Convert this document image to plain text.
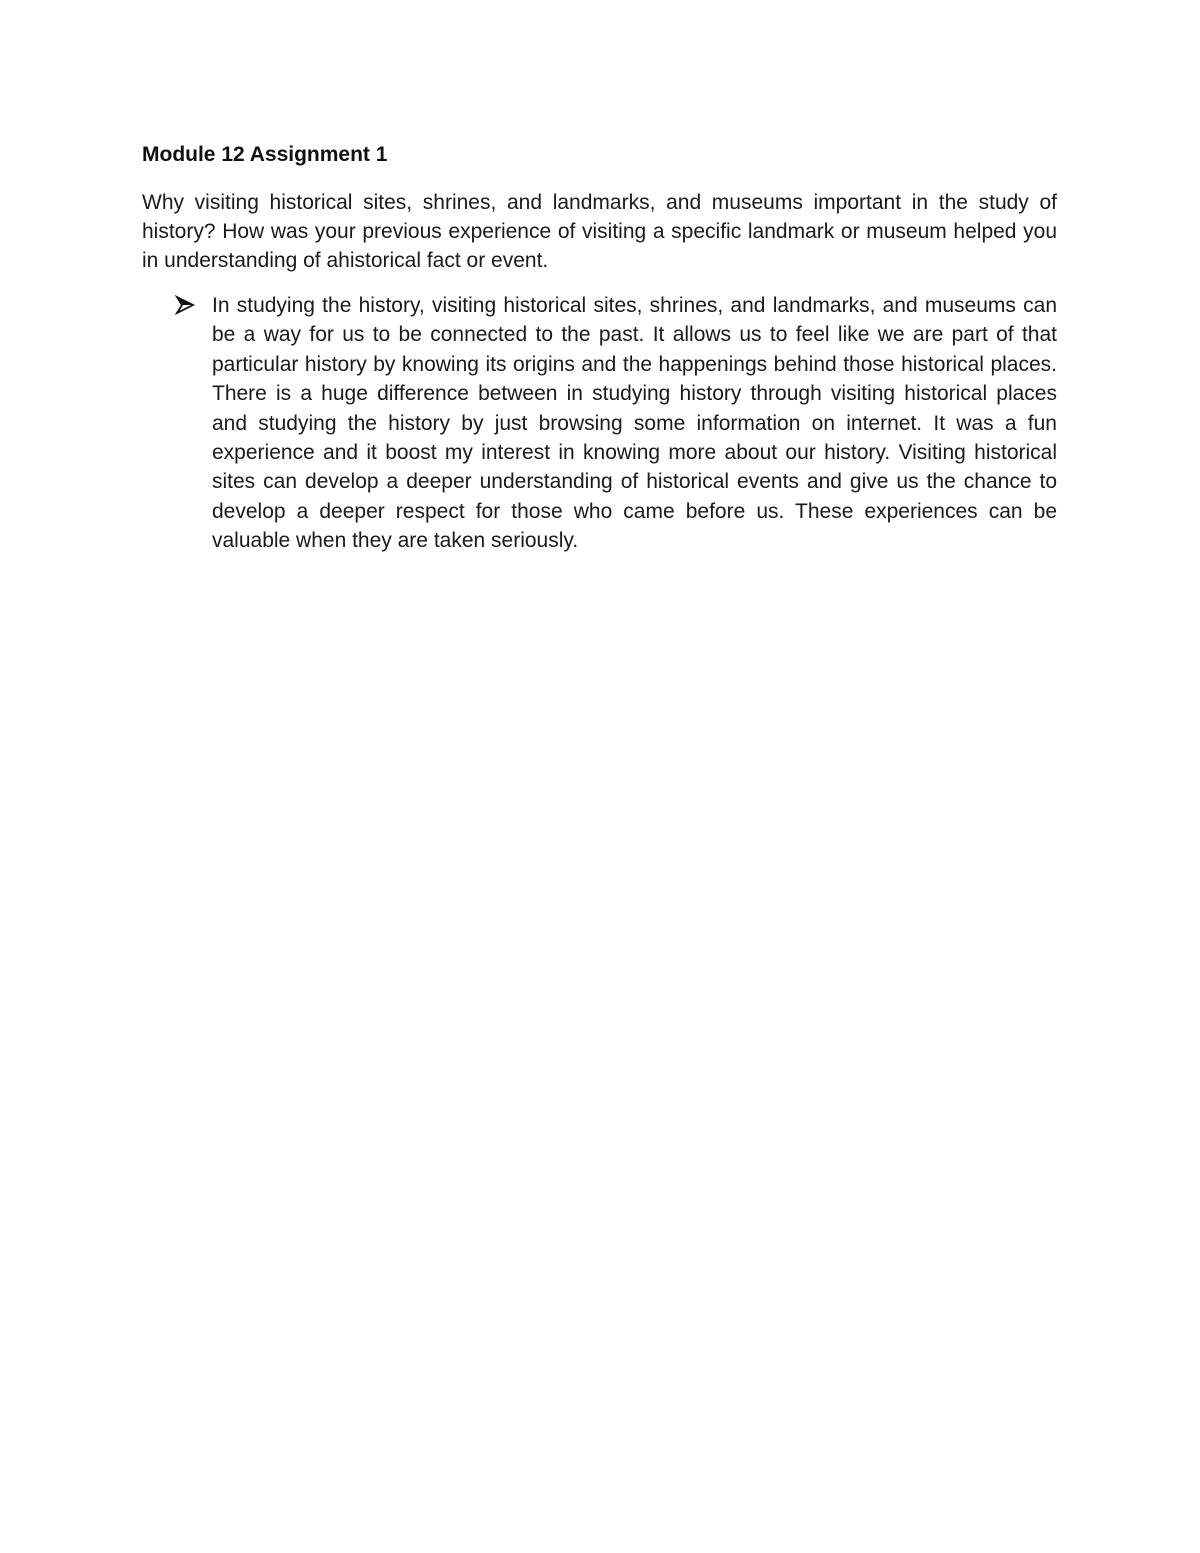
Module 12 Assignment 1

Why visiting historical sites, shrines, and landmarks, and museums important in the study of history? How was your previous experience of visiting a specific landmark or museum helped you in understanding of ahistorical fact or event.

In studying the history, visiting historical sites, shrines, and landmarks, and museums can be a way for us to be connected to the past. It allows us to feel like we are part of that particular history by knowing its origins and the happenings behind those historical places. There is a huge difference between in studying history through visiting historical places and studying the history by just browsing some information on internet. It was a fun experience and it boost my interest in knowing more about our history. Visiting historical sites can develop a deeper understanding of historical events and give us the chance to develop a deeper respect for those who came before us. These experiences can be valuable when they are taken seriously.
